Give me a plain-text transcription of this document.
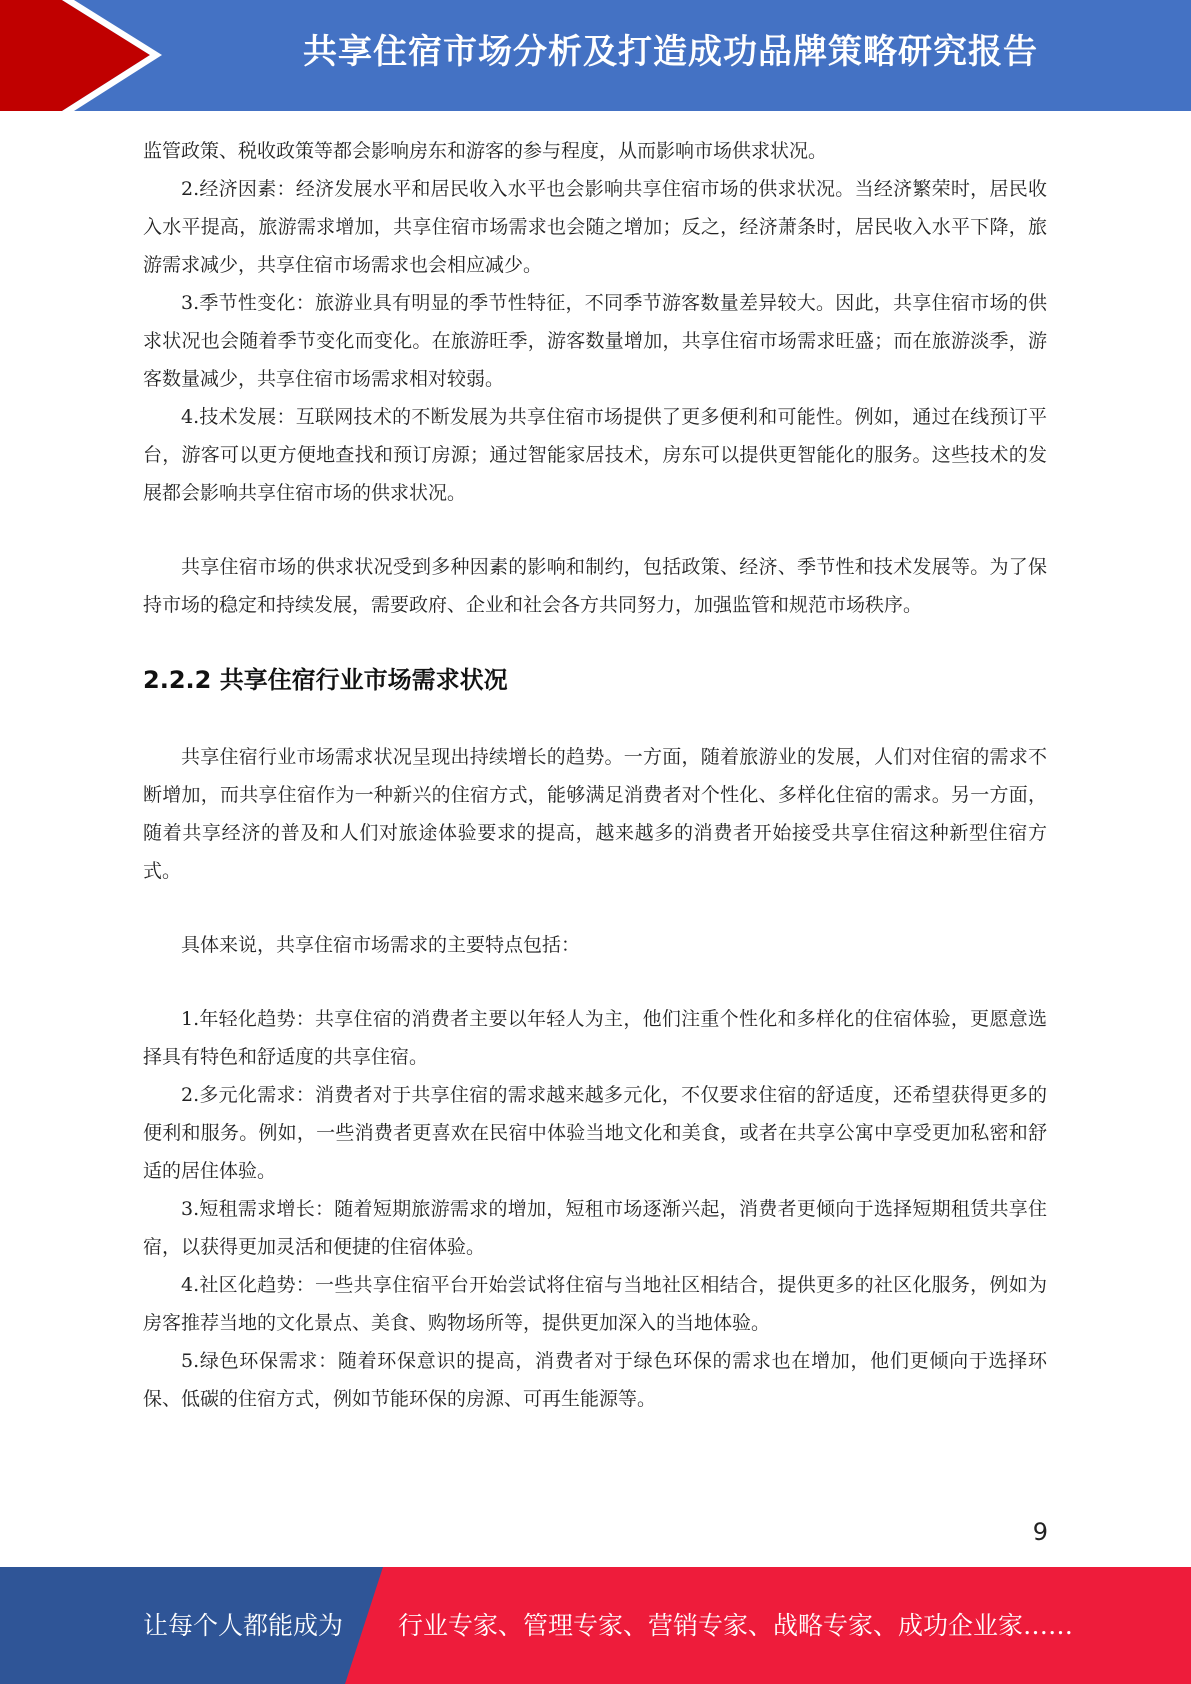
共享住宿市场分析及打造成功品牌策略研究报告

监管政策、税收政策等都会影响房东和游客的参与程度，从而影响市场供求状况。

2.经济因素：经济发展水平和居民收入水平也会影响共享住宿市场的供求状况。当经济繁荣时，居民收入水平提高，旅游需求增加，共享住宿市场需求也会随之增加；反之，经济萧条时，居民收入水平下降，旅游需求减少，共享住宿市场需求也会相应减少。

3.季节性变化：旅游业具有明显的季节性特征，不同季节游客数量差异较大。因此，共享住宿市场的供求状况也会随着季节变化而变化。在旅游旺季，游客数量增加，共享住宿市场需求旺盛；而在旅游淡季，游客数量减少，共享住宿市场需求相对较弱。

4.技术发展：互联网技术的不断发展为共享住宿市场提供了更多便利和可能性。例如，通过在线预订平台，游客可以更方便地查找和预订房源；通过智能家居技术，房东可以提供更智能化的服务。这些技术的发展都会影响共享住宿市场的供求状况。

共享住宿市场的供求状况受到多种因素的影响和制约，包括政策、经济、季节性和技术发展等。为了保持市场的稳定和持续发展，需要政府、企业和社会各方共同努力，加强监管和规范市场秩序。

2.2.2 共享住宿行业市场需求状况

共享住宿行业市场需求状况呈现出持续增长的趋势。一方面，随着旅游业的发展，人们对住宿的需求不断增加，而共享住宿作为一种新兴的住宿方式，能够满足消费者对个性化、多样化住宿的需求。另一方面，随着共享经济的普及和人们对旅途体验要求的提高，越来越多的消费者开始接受共享住宿这种新型住宿方式。

具体来说，共享住宿市场需求的主要特点包括：

1.年轻化趋势：共享住宿的消费者主要以年轻人为主，他们注重个性化和多样化的住宿体验，更愿意选择具有特色和舒适度的共享住宿。

2.多元化需求：消费者对于共享住宿的需求越来越多元化，不仅要求住宿的舒适度，还希望获得更多的便利和服务。例如，一些消费者更喜欢在民宿中体验当地文化和美食，或者在共享公寓中享受更加私密和舒适的居住体验。

3.短租需求增长：随着短期旅游需求的增加，短租市场逐渐兴起，消费者更倾向于选择短期租赁共享住宿，以获得更加灵活和便捷的住宿体验。

4.社区化趋势：一些共享住宿平台开始尝试将住宿与当地社区相结合，提供更多的社区化服务，例如为房客推荐当地的文化景点、美食、购物场所等，提供更加深入的当地体验。

5.绿色环保需求：随着环保意识的提高，消费者对于绿色环保的需求也在增加，他们更倾向于选择环保、低碳的住宿方式，例如节能环保的房源、可再生能源等。

9
让每个人都能成为 行业专家、管理专家、营销专家、战略专家、成功企业家……
